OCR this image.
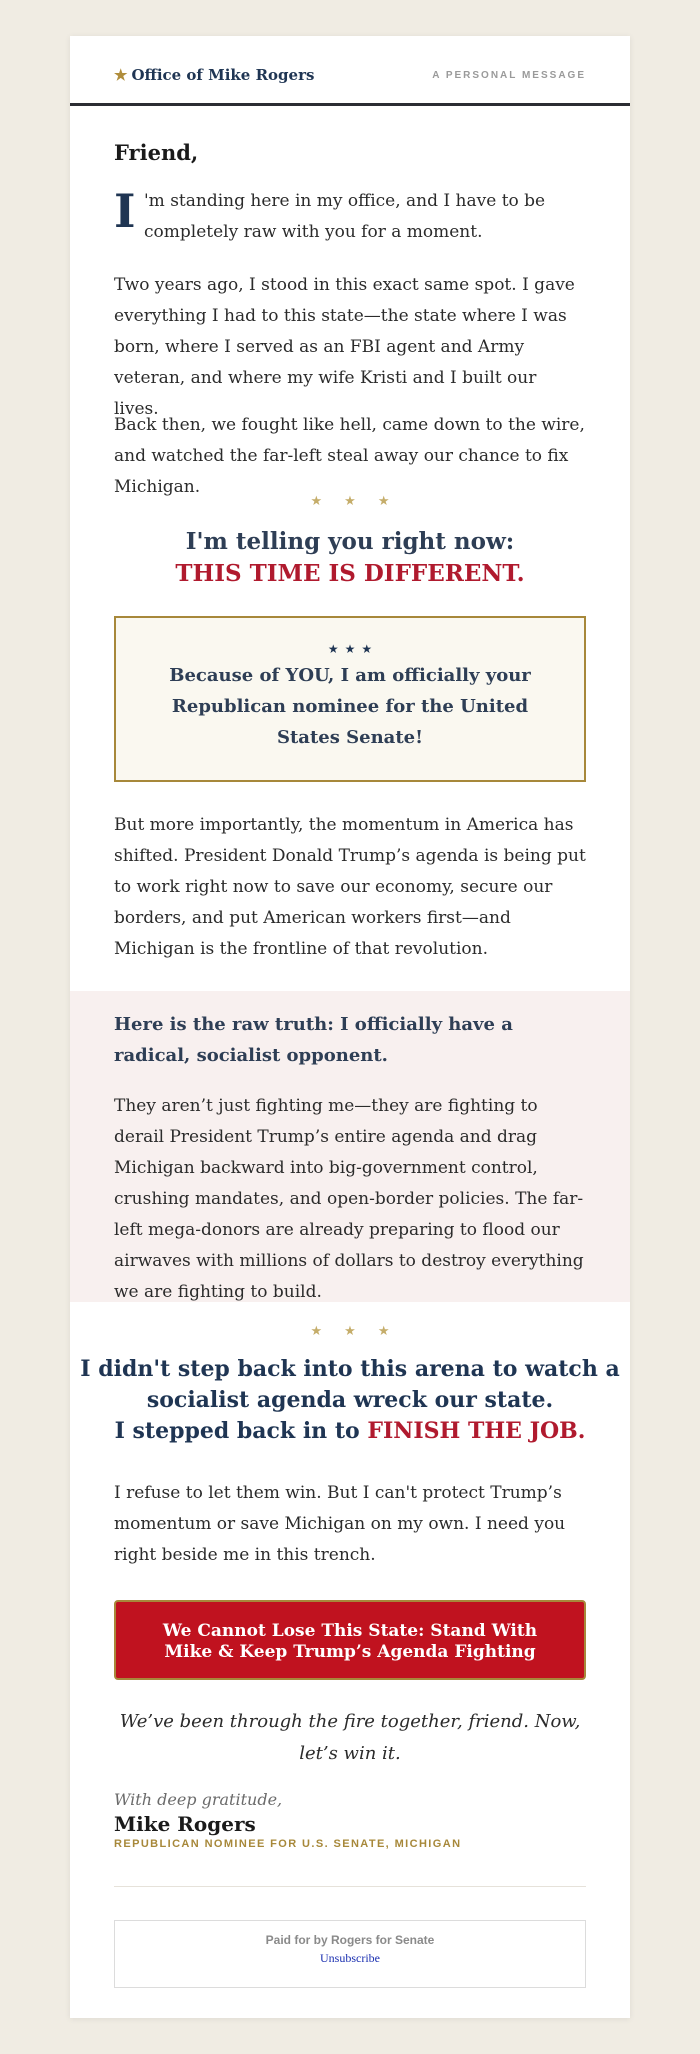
★ Office of Mike Rogers	A PERSONAL MESSAGE
Friend,
I 'm standing here in my office, and I have to be completely raw with you for a moment.
Two years ago, I stood in this exact same spot. I gave everything I had to this state—the state where I was born, where I served as an FBI agent and Army veteran, and where my wife Kristi and I built our lives.
Back then, we fought like hell, came down to the wire, and watched the far-left steal away our chance to fix Michigan.
★★★
I'm telling you right now:
THIS TIME IS DIFFERENT.
★★★
Because of YOU, I am officially your Republican nominee for the United States Senate!
But more importantly, the momentum in America has shifted. President Donald Trump’s agenda is being put to work right now to save our economy, secure our borders, and put American workers first—and Michigan is the frontline of that revolution.
Here is the raw truth: I officially have a radical, socialist opponent.
They aren’t just fighting me—they are fighting to derail President Trump’s entire agenda and drag Michigan backward into big-government control, crushing mandates, and open-border policies. The far-left mega-donors are already preparing to flood our airwaves with millions of dollars to destroy everything we are fighting to build.
★★★
I didn't step back into this arena to watch a socialist agenda wreck our state.
I stepped back in to FINISH THE JOB.
I refuse to let them win. But I can't protect Trump’s momentum or save Michigan on my own. I need you right beside me in this trench.
We Cannot Lose This State: Stand With Mike & Keep Trump’s Agenda Fighting
We’ve been through the fire together, friend. Now, let’s win it.
With deep gratitude,
Mike Rogers
REPUBLICAN NOMINEE FOR U.S. SENATE, MICHIGAN
Paid for by Rogers for Senate
Unsubscribe
